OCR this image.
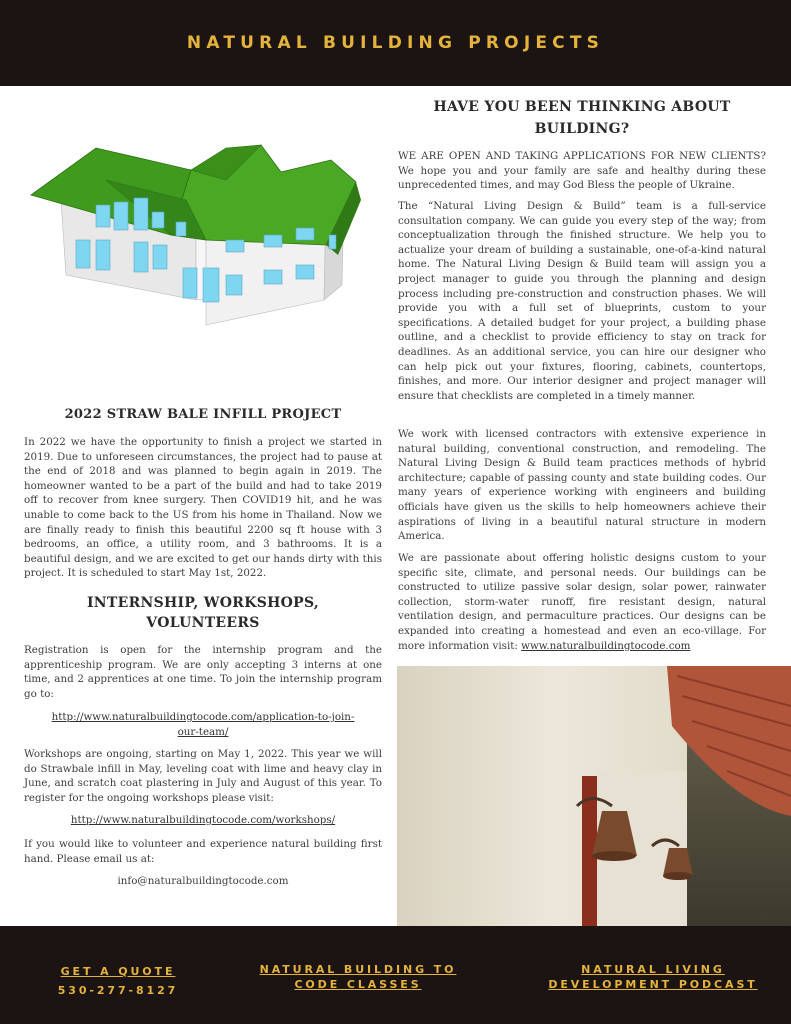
NATURAL BUILDING PROJECTS
2022 STRAW BALE INFILL PROJECT

In 2022 we have the opportunity to finish a project we started in 2019. Due to unforeseen circumstances, the project had to pause at the end of 2018 and was planned to begin again in 2019. The homeowner wanted to be a part of the build and had to take 2019 off to recover from knee surgery. Then COVID19 hit, and he was unable to come back to the US from his home in Thailand. Now we are finally ready to finish this beautiful 2200 sq ft house with 3 bedrooms, an office, a utility room, and 3 bathrooms. It is a beautiful design, and we are excited to get our hands dirty with this project. It is scheduled to start May 1st, 2022.

INTERNSHIP, WORKSHOPS,
VOLUNTEERS

Registration is open for the internship program and the apprenticeship program. We are only accepting 3 interns at one time, and 2 apprentices at one time. To join the internship program go to:

http://www.naturalbuildingtocode.com/application-to-join-
our-team/

Workshops are ongoing, starting on May 1, 2022. This year we will do Strawbale infill in May, leveling coat with lime and heavy clay in June, and scratch coat plastering in July and August of this year. To register for the ongoing workshops please visit:

http://www.naturalbuildingtocode.com/workshops/

If you would like to volunteer and experience natural building first hand. Please email us at:

info@naturalbuildingtocode.com
HAVE YOU BEEN THINKING ABOUT
BUILDING?

WE ARE OPEN AND TAKING APPLICATIONS FOR NEW CLIENTS? We hope you and your family are safe and healthy during these unprecedented times, and may God Bless the people of Ukraine.

The “Natural Living Design & Build” team is a full-service consultation company. We can guide you every step of the way; from conceptualization through the finished structure. We help you to actualize your dream of building a sustainable, one-of-a-kind natural home. The Natural Living Design & Build team will assign you a project manager to guide you through the planning and design process including pre-construction and construction phases. We will provide you with a full set of blueprints, custom to your specifications. A detailed budget for your project, a building phase outline, and a checklist to provide efficiency to stay on track for deadlines. As an additional service, you can hire our designer who can help pick out your fixtures, flooring, cabinets, countertops, finishes, and more. Our interior designer and project manager will ensure that checklists are completed in a timely manner.

We work with licensed contractors with extensive experience in natural building, conventional construction, and remodeling. The Natural Living Design & Build team practices methods of hybrid architecture; capable of passing county and state building codes. Our many years of experience working with engineers and building officials have given us the skills to help homeowners achieve their aspirations of living in a beautiful natural structure in modern America.

We are passionate about offering holistic designs custom to your specific site, climate, and personal needs. Our buildings can be constructed to utilize passive solar design, solar power, rainwater collection, storm-water runoff, fire resistant design, natural ventilation design, and permaculture practices. Our designs can be expanded into creating a homestead and even an eco-village. For more information visit: www.naturalbuildingtocode.com

GET A QUOTE
530-277-8127
NATURAL BUILDING TO
CODE CLASSES
NATURAL LIVING
DEVELOPMENT PODCAST
